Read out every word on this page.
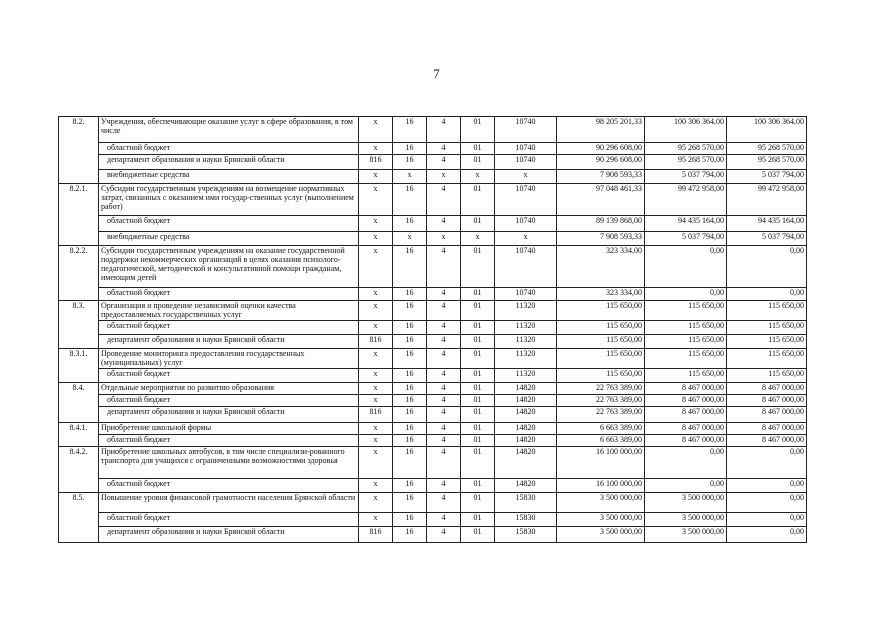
7
8.2.	Учреждения, обеспечивающие оказание услуг в сфере образования, в том числе	х	16	4	01	10740	98 205 201,33	100 306 364,00	100 306 364,00
	областной бюджет	х	16	4	01	10740	90 296 608,00	95 268 570,00	95 268 570,00
	департамент образования и науки Брянской области	816	16	4	01	10740	90 296 608,00	95 268 570,00	95 268 570,00
	внебюджетные средства	х	х	х	х	х	7 908 593,33	5 037 794,00	5 037 794,00
8.2.1.	Субсидии государственным учреждениям на возмещение нормативных затрат, связанных с оказанием ими государ-ственных услуг (выполнением работ)	х	16	4	01	10740	97 048 461,33	99 472 958,00	99 472 958,00
	областной бюджет	х	16	4	01	10740	89 139 868,00	94 435 164,00	94 435 164,00
	внебюджетные средства	х	х	х	х	х	7 908 593,33	5 037 794,00	5 037 794,00
8.2.2.	Субсидии государственным учреждениям на оказание государственной поддержки некоммерческих организаций в целях оказания психолого-педагогической, методической и консультативной помощи гражданам, имеющим детей	х	16	4	01	10740	323 334,00	0,00	0,00
	областной бюджет	х	16	4	01	10740	323 334,00	0,00	0,00
8.3.	Организация и проведение независимой оценки качества предоставляемых государственных услуг	х	16	4	01	11320	115 650,00	115 650,00	115 650,00
	областной бюджет	х	16	4	01	11320	115 650,00	115 650,00	115 650,00
	департамент образования и науки Брянской области	816	16	4	01	11320	115 650,00	115 650,00	115 650,00
8.3.1.	Проведение мониторинга предоставления государственных (муниципальных) услуг	х	16	4	01	11320	115 650,00	115 650,00	115 650,00
	областной бюджет	х	16	4	01	11320	115 650,00	115 650,00	115 650,00
8.4.	Отдельные мероприятия по развитию образования	х	16	4	01	14820	22 763 389,00	8 467 000,00	8 467 000,00
	областной бюджет	х	16	4	01	14820	22 763 389,00	8 467 000,00	8 467 000,00
	департамент образования и науки Брянской области	816	16	4	01	14820	22 763 389,00	8 467 000,00	8 467 000,00
8.4.1.	Приобретение школьной формы	х	16	4	01	14820	6 663 389,00	8 467 000,00	8 467 000,00
	областной бюджет	х	16	4	01	14820	6 663 389,00	8 467 000,00	8 467 000,00
8.4.2.	Приобретение школьных автобусов, в том числе специализи-рованного транспорта для учащихся с ограниченными возможностями здоровья	х	16	4	01	14820	16 100 000,00	0,00	0,00
	областной бюджет	х	16	4	01	14820	16 100 000,00	0,00	0,00
8.5.	Повышение уровня финансовой грамотности населения Брянской области	х	16	4	01	15830	3 500 000,00	3 500 000,00	0,00
	областной бюджет	х	16	4	01	15830	3 500 000,00	3 500 000,00	0,00
	департамент образования и науки Брянской области	816	16	4	01	15830	3 500 000,00	3 500 000,00	0,00
